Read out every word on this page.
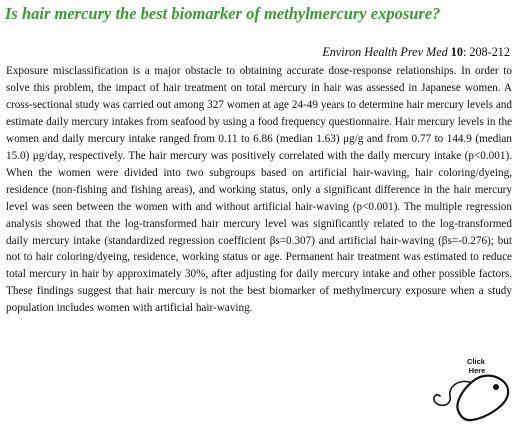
Is hair mercury the best biomarker of methylmercury exposure?
Environ Health Prev Med 10: 208-212

Exposure misclassification is a major obstacle to obtaining accurate dose-response relationships. In order to solve this problem, the impact of hair treatment on total mercury in hair was assessed in Japanese women. A cross-sectional study was carried out among 327 women at age 24-49 years to determine hair mercury levels and estimate daily mercury intakes from seafood by using a food frequency questionnaire. Hair mercury levels in the women and daily mercury intake ranged from 0.11 to 6.86 (median 1.63) μg/g and from 0.77 to 144.9 (median 15.0) μg/day, respectively. The hair mercury was positively correlated with the daily mercury intake (p<0.001). When the women were divided into two subgroups based on artificial hair-waving, hair coloring/dyeing, residence (non-fishing and fishing areas), and working status, only a significant difference in the hair mercury level was seen between the women with and without artificial hair-waving (p<0.001). The multiple regression analysis showed that the log-transformed hair mercury level was significantly related to the log-transformed daily mercury intake (standardized regression coefficient βs=0.307) and artificial hair-waving (βs=-0.276); but not to hair coloring/dyeing, residence, working status or age. Permanent hair treatment was estimated to reduce total mercury in hair by approximately 30%, after adjusting for daily mercury intake and other possible factors. These findings suggest that hair mercury is not the best biomarker of methylmercury exposure when a study population includes women with artificial hair-waving.

Click
Here
